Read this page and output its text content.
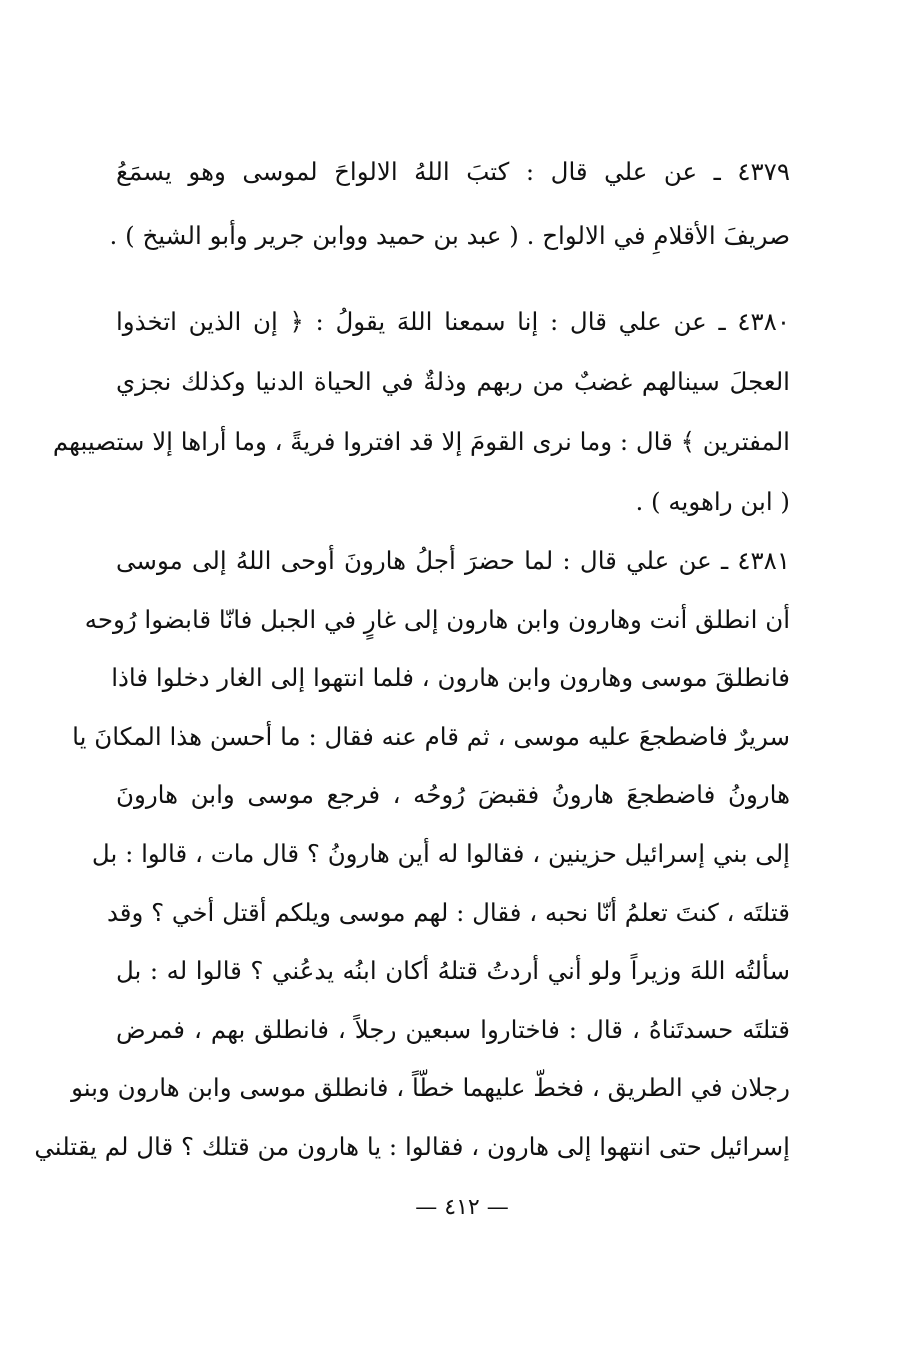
٤٣٧٩ ـ عن علي قال : كتبَ اللهُ الالواحَ لموسى وهو يسمَعُ
صريفَ الأقلامِ في الالواح . ( عبد بن حميد ووابن جرير وأبو الشيخ ) .
٤٣٨٠ ـ عن علي قال : إنا سمعنا اللهَ يقولُ : ﴿ إن الذين اتخذوا
العجلَ سينالهم غضبٌ من ربهم وذلةٌ في الحياة الدنيا وكذلك نجزي
المفترين ﴾ قال : وما نرى القومَ إلا قد افتروا فريةً ، وما أراها إلا ستصيبهم
( ابن راهويه ) .
٤٣٨١ ـ عن علي قال : لما حضرَ أجلُ هارونَ أوحى اللهُ إلى موسى
أن انطلق أنت وهارون وابن هارون إلى غارٍ في الجبل فانّا قابضوا رُوحه
فانطلقَ موسى وهارون وابن هارون ، فلما انتهوا إلى الغار دخلوا فاذا
سريرٌ فاضطجعَ عليه موسى ، ثم قام عنه فقال : ما أحسن هذا المكانَ يا
هارونُ فاضطجعَ هارونُ فقبضَ رُوحُه ، فرجع موسى وابن هارونَ
إلى بني إسرائيل حزينين ، فقالوا له أين هارونُ ؟ قال مات ، قالوا : بل
قتلتَه ، كنتَ تعلمُ أنّا نحبه ، فقال : لهم موسى ويلكم أقتل أخي ؟ وقد
سألتُه اللهَ وزيراً ولو أني أردتُ قتلهُ أكان ابنُه يدعُني ؟ قالوا له : بل
قتلتَه حسدتَناهُ ، قال : فاختاروا سبعين رجلاً ، فانطلق بهم ، فمرض
رجلان في الطريق ، فخطّ عليهما خطّاً ، فانطلق موسى وابن هارون وبنو
إسرائيل حتى انتهوا إلى هارون ، فقالوا : يا هارون من قتلك ؟ قال لم يقتلني
— ٤١٢ —
